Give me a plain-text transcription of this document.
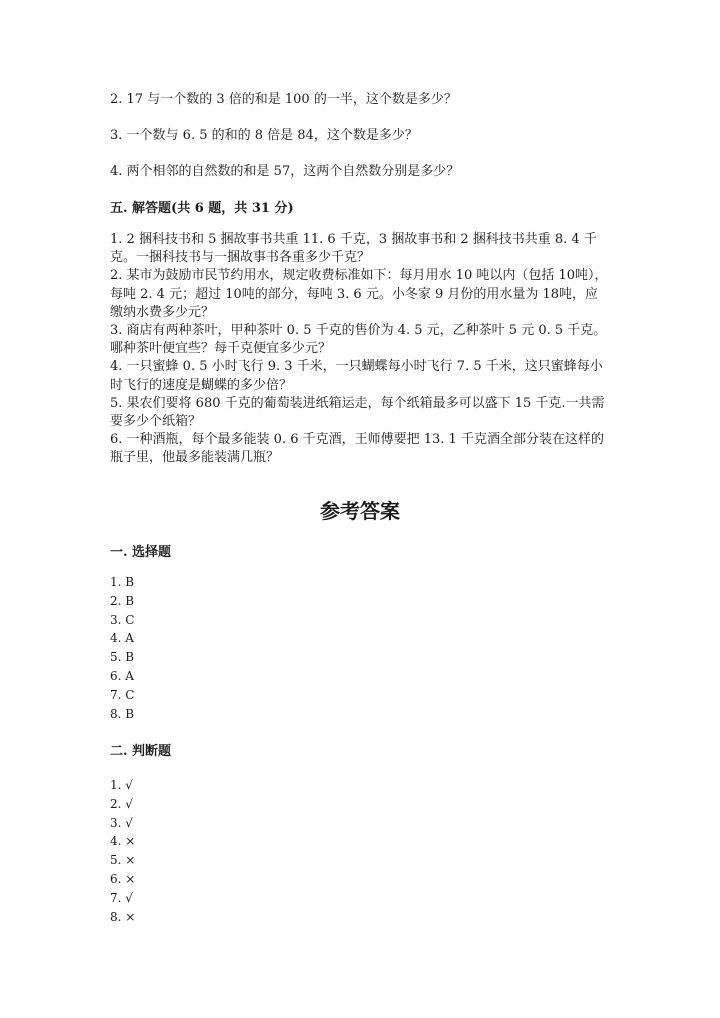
2. 17 与一个数的 3 倍的和是 100 的一半，这个数是多少？
3. 一个数与 6. 5 的和的 8 倍是 84，这个数是多少？
4. 两个相邻的自然数的和是 57，这两个自然数分别是多少？
五. 解答题(共 6 题，共 31 分)

1. 2 捆科技书和 5 捆故事书共重 11. 6 千克，3 捆故事书和 2 捆科技书共重 8. 4 千克。一捆科技书与一捆故事书各重多少千克？

2. 某市为鼓励市民节约用水，规定收费标准如下：每月用水 10 吨以内（包括 10吨），每吨 2. 4 元；超过 10吨的部分，每吨 3. 6 元。小冬家 9 月份的用水量为 18吨，应缴纳水费多少元？

3. 商店有两种茶叶，甲种茶叶 0. 5 千克的售价为 4. 5 元，乙种茶叶 5 元 0. 5 千克。哪种茶叶便宜些？每千克便宜多少元？

4. 一只蜜蜂 0. 5 小时飞行 9. 3 千米，一只蝴蝶每小时飞行 7. 5 千米，这只蜜蜂每小时飞行的速度是蝴蝶的多少倍？

5. 果农们要将 680 千克的葡萄装进纸箱运走，每个纸箱最多可以盛下 15 千克.一共需要多少个纸箱？

6. 一种酒瓶，每个最多能装 0. 6 千克酒，王师傅要把 13. 1 千克酒全部分装在这样的瓶子里，他最多能装满几瓶？

参考答案
一. 选择题
1. B
2. B
3. C
4. A
5. B
6. A
7. C
8. B
二. 判断题
1. √
2. √
3. √
4. ×
5. ×
6. ×
7. √
8. ×
